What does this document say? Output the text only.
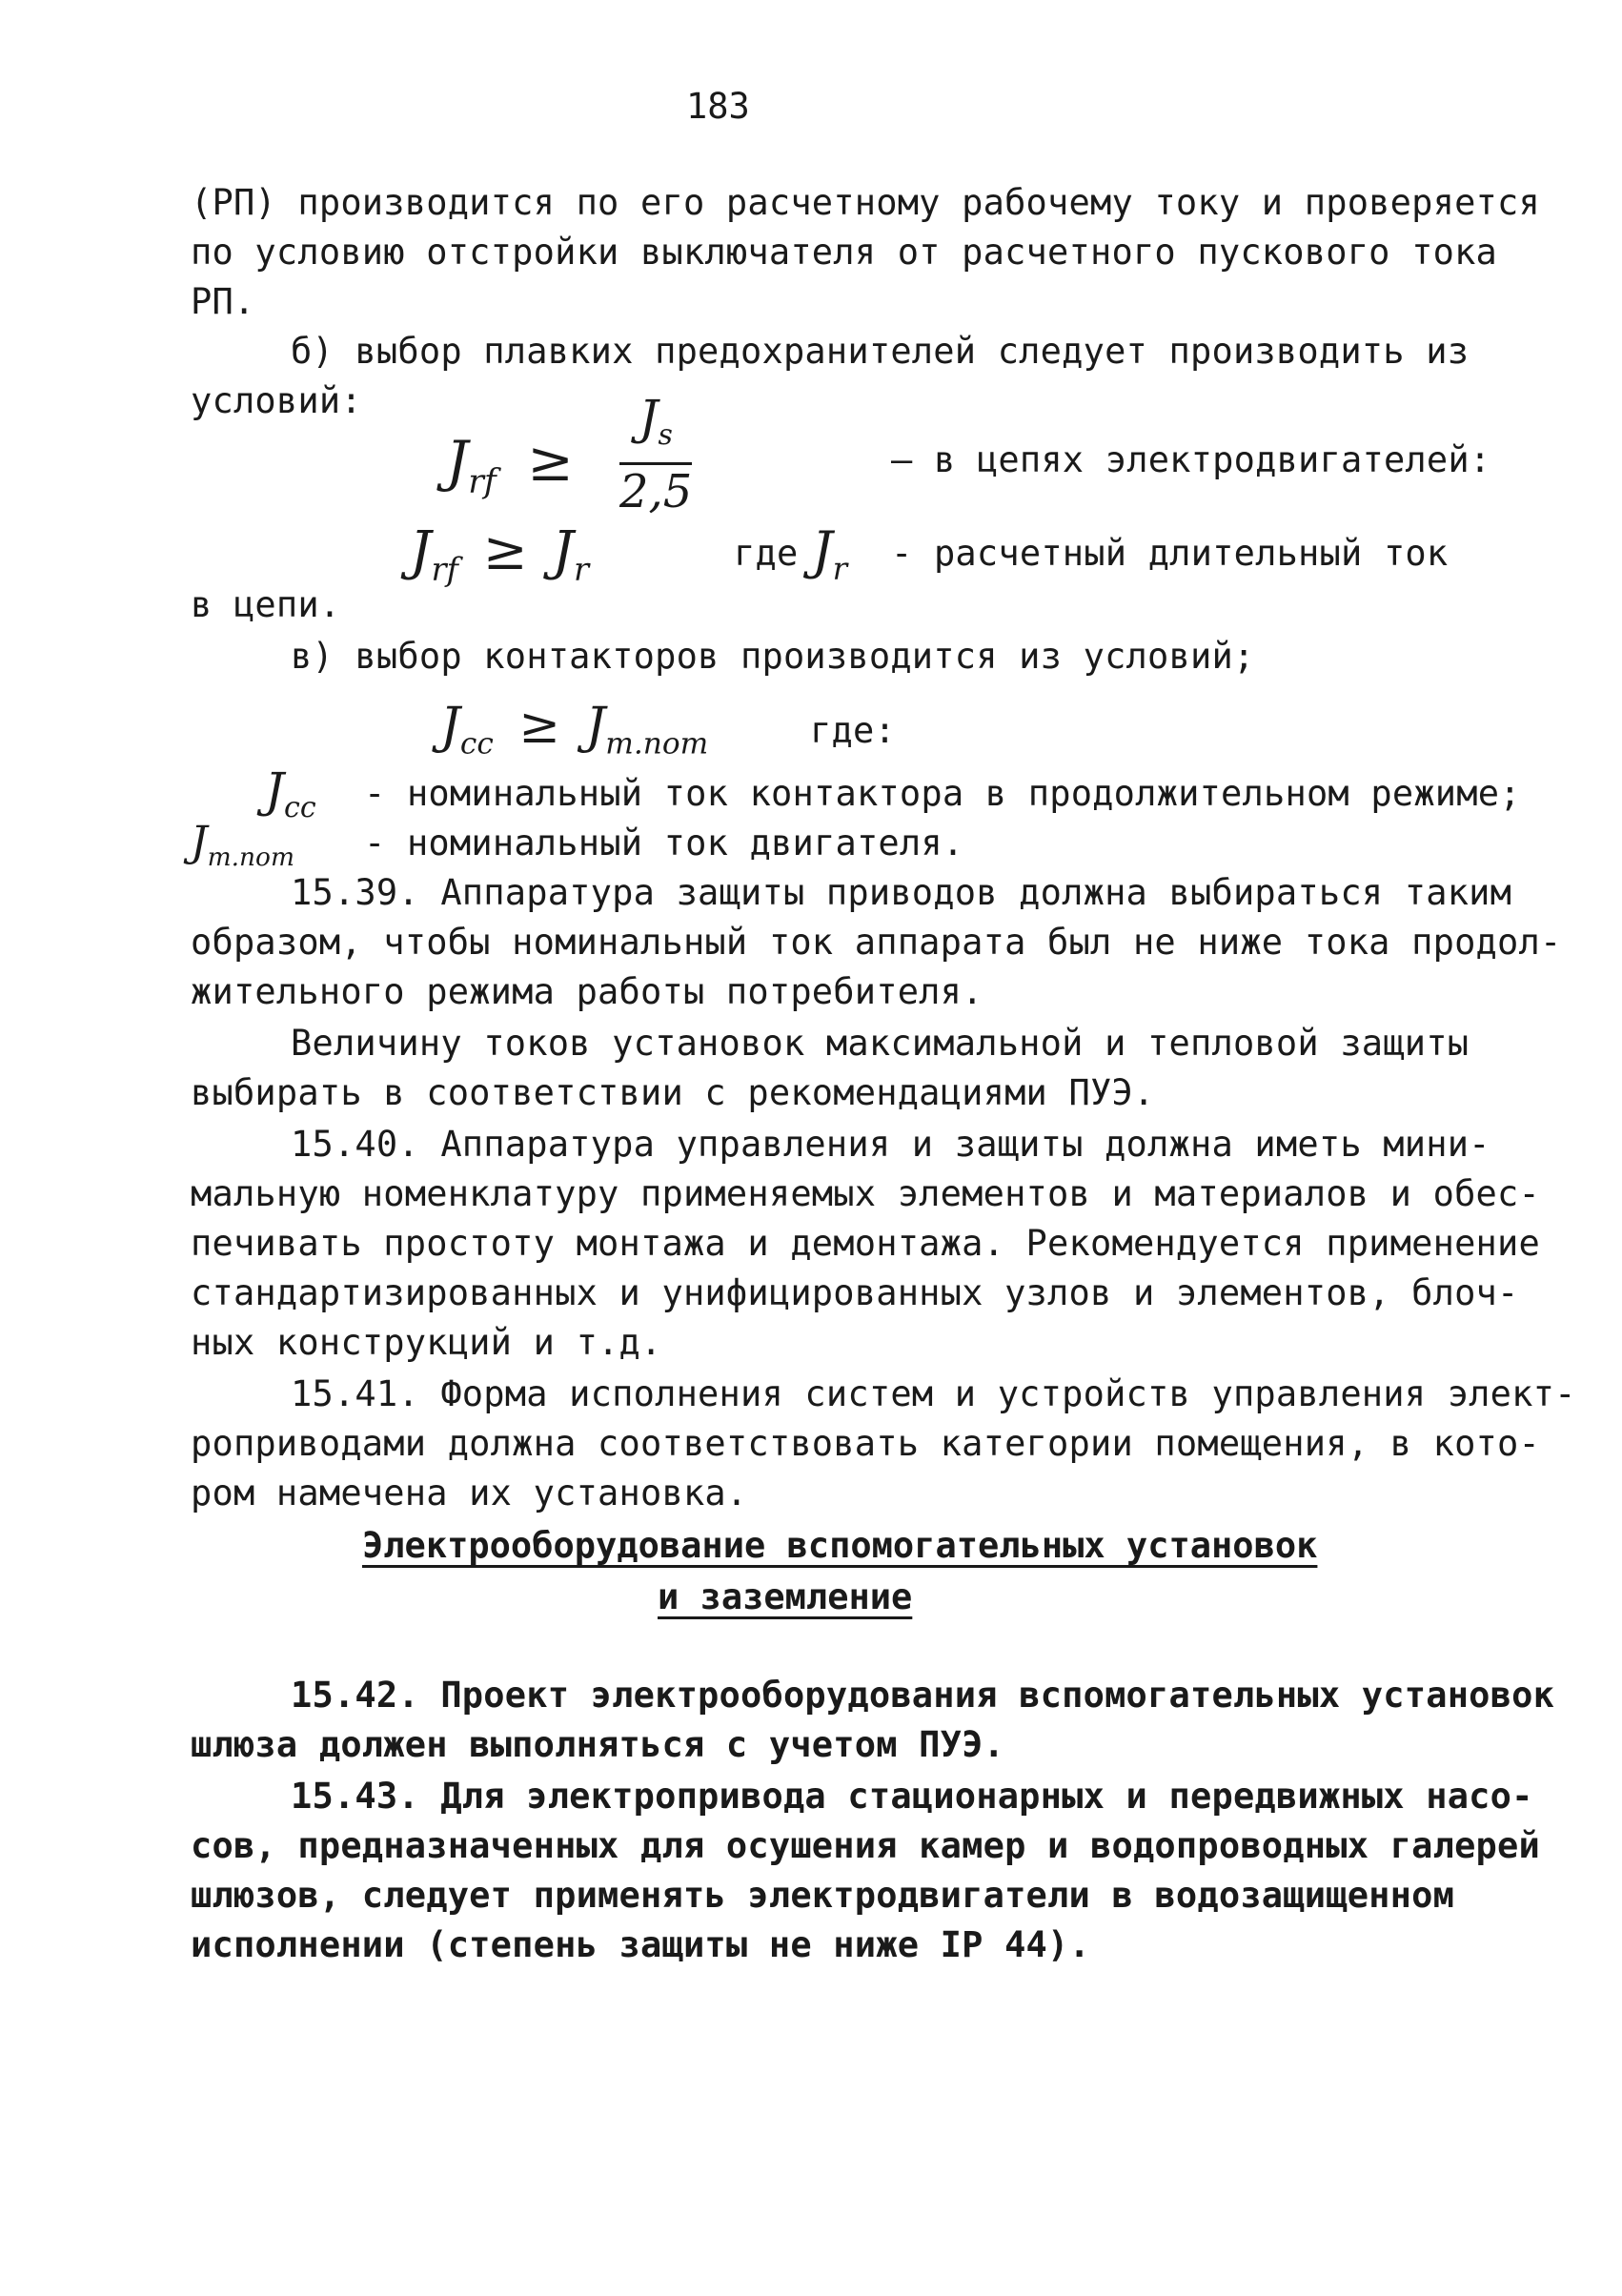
183
(РП) производится по его расчетному рабочему току и проверяется
по условию отстройки выключателя от расчетного пускового тока
РП.
б) выбор плавких предохранителей следует производить из
условий:
$J_{rf} \ge \frac{J_s}{2,5}$	– в цепях электродвигателей:
$J_{rf} \ge J_r$	где $J_r$ - расчетный длительный ток
в цепи.
в) выбор контакторов производится из условий;
$J_{cc} \ge J_{m.nom}$	где:
$J_{cc}$ - номинальный ток контактора в продолжительном режиме;
$J_{m.nom}$ - номинальный ток двигателя.
15.39. Аппаратура защиты приводов должна выбираться таким
образом, чтобы номинальный ток аппарата был не ниже тока продол-
жительного режима работы потребителя.
Величину токов установок максимальной и тепловой защиты
выбирать в соответствии с рекомендациями ПУЭ.
15.40. Аппаратура управления и защиты должна иметь мини-
мальную номенклатуру применяемых элементов и материалов и обес-
печивать простоту монтажа и демонтажа. Рекомендуется применение
стандартизированных и унифицированных узлов и элементов, блоч-
ных конструкций и т.д.
15.41. Форма исполнения систем и устройств управления элект-
роприводами должна соответствовать категории помещения, в кото-
ром намечена их установка.
Электрооборудование вспомогательных установок
и заземление
15.42. Проект электрооборудования вспомогательных установок
шлюза должен выполняться с учетом ПУЭ.
15.43. Для электропривода стационарных и передвижных насо-
сов, предназначенных для осушения камер и водопроводных галерей
шлюзов, следует применять электродвигатели в водозащищенном
исполнении (степень защиты не ниже IP 44).
